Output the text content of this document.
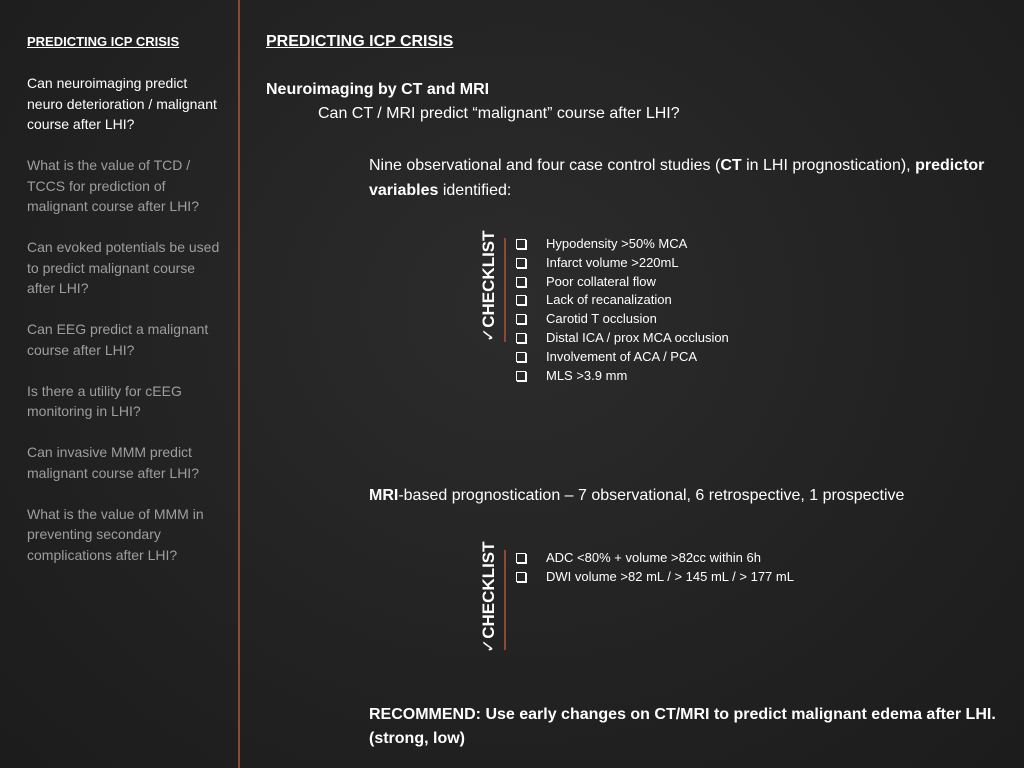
PREDICTING ICP CRISIS

Can neuroimaging predict neuro deterioration / malignant course after LHI?
What is the value of TCD / TCCS for prediction of malignant course after LHI?
Can evoked potentials be used to predict malignant course after LHI?
Can EEG predict a malignant course after LHI?
Is there a utility for cEEG monitoring in LHI?
Can invasive MMM predict malignant course after LHI?
What is the value of MMM in preventing secondary complications after LHI?

PREDICTING ICP CRISIS

Neuroimaging by CT and MRI

Can CT / MRI predict “malignant” course after LHI?

Nine observational and four case control studies (CT in LHI prognostication), predictor variables identified:

✓CHECKLIST	Hypodensity >50% MCA
Infarct volume >220mL
Poor collateral flow
Lack of recanalization
Carotid T occlusion
Distal ICA / prox MCA occlusion
Involvement of ACA / PCA
MLS >3.9 mm

MRI-based prognostication – 7 observational, 6 retrospective, 1 prospective

✓CHECKLIST	ADC <80% + volume >82cc within 6h
DWI volume >82 mL / > 145 mL / > 177 mL

RECOMMEND: Use early changes on CT/MRI to predict malignant edema after LHI. (strong, low)
